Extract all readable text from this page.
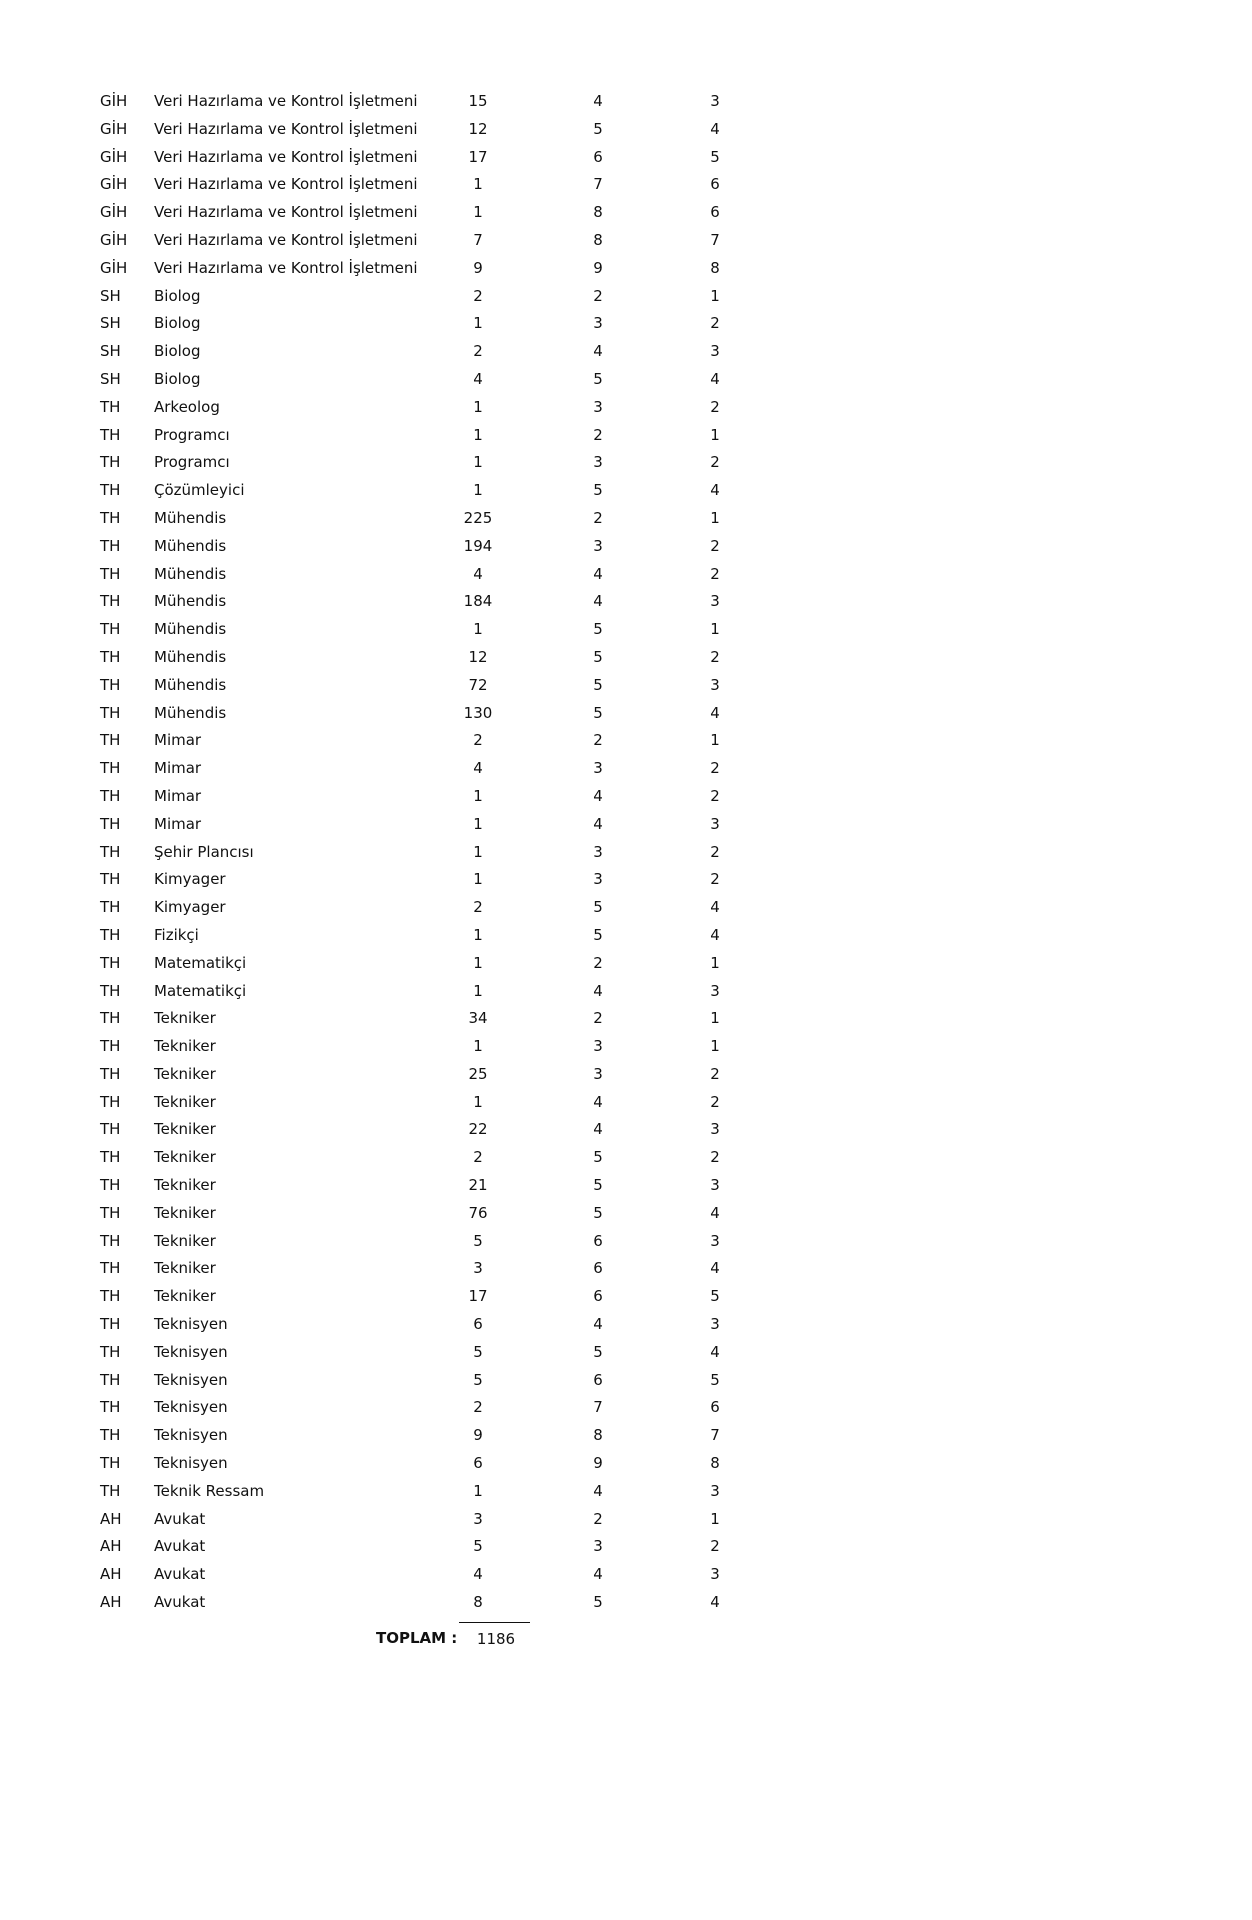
GİH Veri Hazırlama ve Kontrol İşletmeni	15	4	3
GİH Veri Hazırlama ve Kontrol İşletmeni	12	5	4
GİH Veri Hazırlama ve Kontrol İşletmeni	17	6	5
GİH Veri Hazırlama ve Kontrol İşletmeni	1	7	6
GİH Veri Hazırlama ve Kontrol İşletmeni	1	8	6
GİH Veri Hazırlama ve Kontrol İşletmeni	7	8	7
GİH Veri Hazırlama ve Kontrol İşletmeni	9	9	8
SH Biolog	2	2	1
SH Biolog	1	3	2
SH Biolog	2	4	3
SH Biolog	4	5	4
TH Arkeolog	1	3	2
TH Programcı	1	2	1
TH Programcı	1	3	2
TH Çözümleyici	1	5	4
TH Mühendis	225	2	1
TH Mühendis	194	3	2
TH Mühendis	4	4	2
TH Mühendis	184	4	3
TH Mühendis	1	5	1
TH Mühendis	12	5	2
TH Mühendis	72	5	3
TH Mühendis	130	5	4
TH Mimar	2	2	1
TH Mimar	4	3	2
TH Mimar	1	4	2
TH Mimar	1	4	3
TH Şehir Plancısı	1	3	2
TH Kimyager	1	3	2
TH Kimyager	2	5	4
TH Fizikçi	1	5	4
TH Matematikçi	1	2	1
TH Matematikçi	1	4	3
TH Tekniker	34	2	1
TH Tekniker	1	3	1
TH Tekniker	25	3	2
TH Tekniker	1	4	2
TH Tekniker	22	4	3
TH Tekniker	2	5	2
TH Tekniker	21	5	3
TH Tekniker	76	5	4
TH Tekniker	5	6	3
TH Tekniker	3	6	4
TH Tekniker	17	6	5
TH Teknisyen	6	4	3
TH Teknisyen	5	5	4
TH Teknisyen	5	6	5
TH Teknisyen	2	7	6
TH Teknisyen	9	8	7
TH Teknisyen	6	9	8
TH Teknik Ressam	1	4	3
AH Avukat	3	2	1
AH Avukat	5	3	2
AH Avukat	4	4	3
AH Avukat	8	5	4
TOPLAM :	1186
